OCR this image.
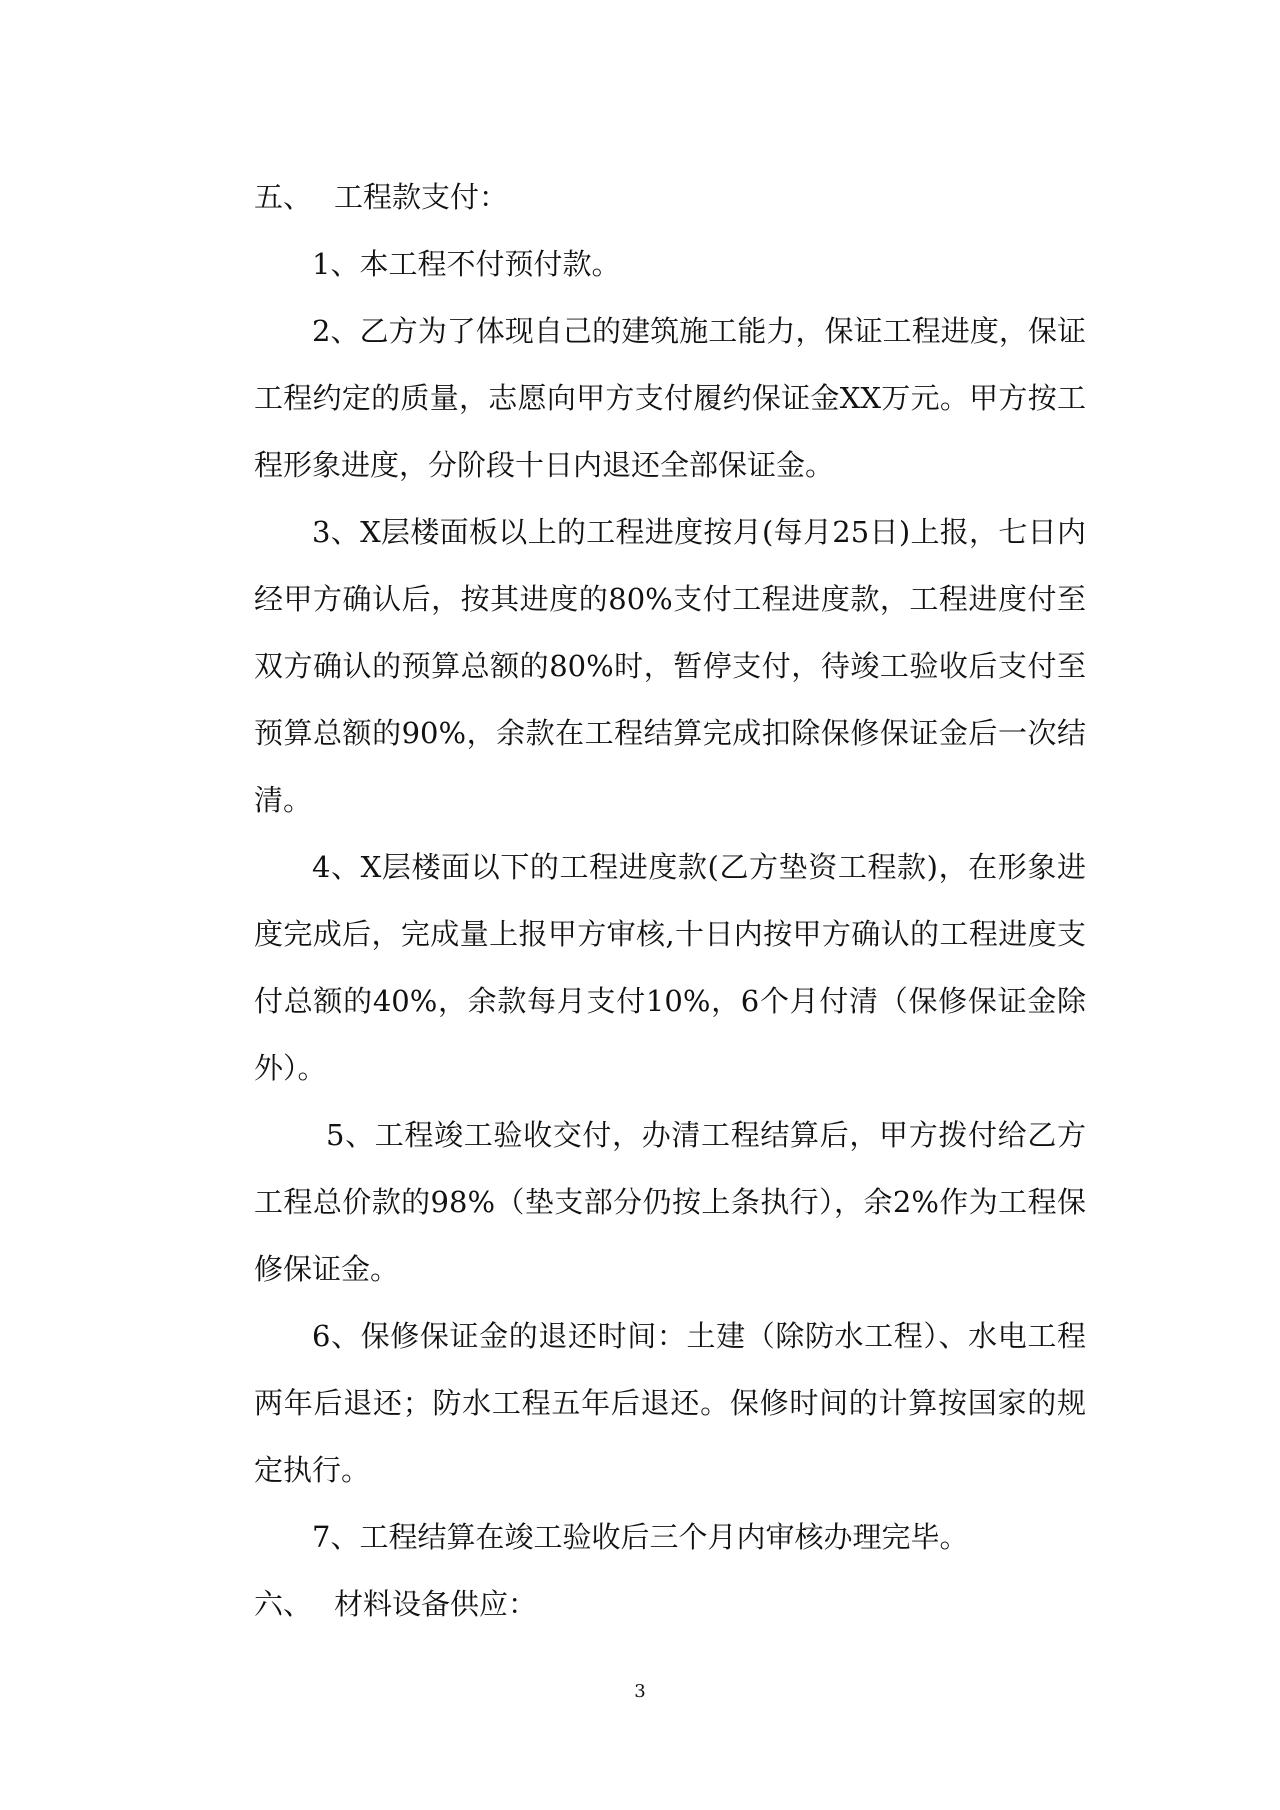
五、 工程款支付：

1、本工程不付预付款。

2、乙方为了体现自己的建筑施工能力，保证工程进度，保证工程约定的质量，志愿向甲方支付履约保证金XX万元。甲方按工程形象进度，分阶段十日内退还全部保证金。

3、X层楼面板以上的工程进度按月(每月25日)上报，七日内经甲方确认后，按其进度的80%支付工程进度款，工程进度付至双方确认的预算总额的80%时，暂停支付，待竣工验收后支付至预算总额的90%，余款在工程结算完成扣除保修保证金后一次结清。

4、X层楼面以下的工程进度款(乙方垫资工程款)，在形象进度完成后，完成量上报甲方审核,十日内按甲方确认的工程进度支付总额的40%，余款每月支付10%，6个月付清（保修保证金除外）。

5、工程竣工验收交付，办清工程结算后，甲方拨付给乙方工程总价款的98%（垫支部分仍按上条执行），余2%作为工程保修保证金。

6、保修保证金的退还时间：土建（除防水工程）、水电工程两年后退还；防水工程五年后退还。保修时间的计算按国家的规定执行。

7、工程结算在竣工验收后三个月内审核办理完毕。

六、 材料设备供应：

3
